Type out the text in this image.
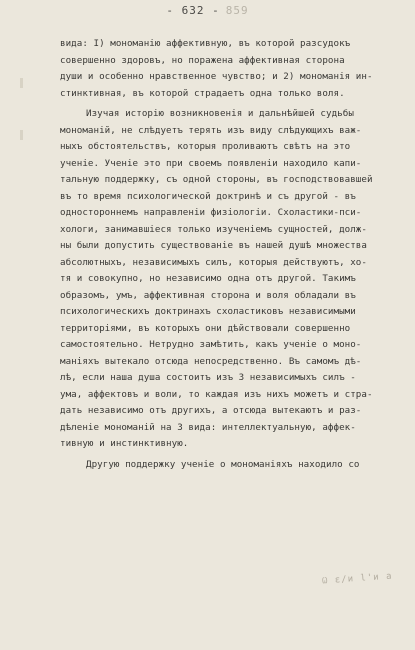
- 632 - 859
вида: I) мономанію аффективную, въ которой разсудокъ
совершенно здоровъ, но поражена аффективная сторона
души и особенно нравственное чувство; и 2) мономанія ин-
стинктивная, въ которой страдаетъ одна только воля.
Изучая исторію возникновенія и дальнѣйшей судьбы
мономаній, не слѣдуетъ терять изъ виду слѣдующихъ важ-
ныхъ обстоятельствъ, которыя проливаютъ свѣтъ на это
ученіе. Ученіе это при своемъ появленіи находило капи-
тальную поддержку, съ одной стороны, въ господствовавшей
въ то время психологической доктринѣ и съ другой - въ
одностороннемъ направленіи физіологіи. Схоластики-пси-
хологи, занимавшіеся только изученіемъ сущностей, долж-
ны были допустить существованіе въ нашей душѣ множества
абсолютныхъ, независимыхъ силъ, которыя действуютъ, хо-
тя и совокупно, но независимо одна отъ другой. Такимъ
образомъ, умъ, аффективная сторона и воля обладали въ
психологическихъ доктринахъ схоластиковъ независимыми
территоріями, въ которыхъ они дѣйствовали совершенно
самостоятельно. Нетрудно замѣтить, какъ ученіе о моно-
маніяхъ вытекало отсюда непосредственно. Въ самомъ дѣ-
лѣ, если наша душа состоитъ изъ 3 независимыхъ силъ -
ума, аффектовъ и воли, то каждая изъ нихъ можетъ и стра-
дать независимо отъ другихъ, а отсюда вытекаютъ и раз-
дѣленіе мономаній на 3 вида: интеллектуальную, аффек-
тивную и инстинктивную.
Другую поддержку ученіе о мономаніяхъ находило со
Ѡ ε/и l'и а
